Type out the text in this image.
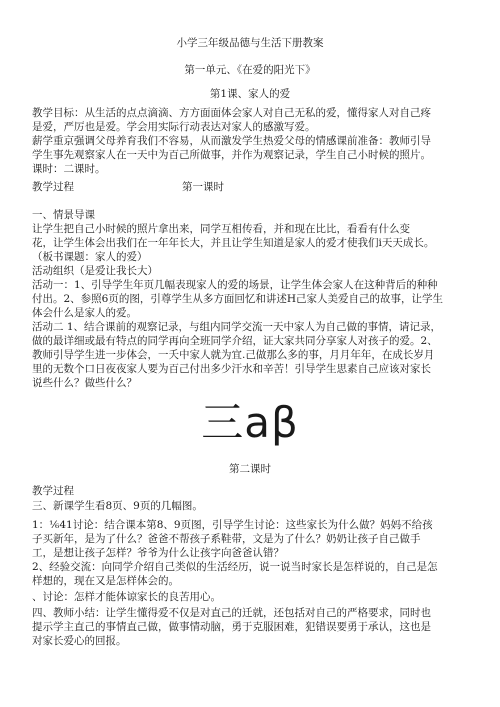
小学三年级品德与生活下册教案
第一单元、《在爱的阳光下》
第1课、家人的爱
教学目标：从生活的点点滴滴、方方面面体会家人对自己无私的爱，懂得家人对自己疼
是爱，严厉也是爱。学会用实际行动表达对家人的感激写爱。
薪学重京强调父母养育我们不容易，从而激发学生热爱父母的情感课前准备：教师引导
学生事先观察家人在一天中为百己所做事，并作为观察记录，学生自己小时候的照片。
课时：二课时。
教学过程	第一课时
一、情景导课
让学生把自己小时候的照片拿出来，同学互相传看，并和现在比比，看看有什么变
花，让学生体会出我们在一年年长大，并且让学生知道是家人的爱才使我们i天天成长。
（板书课题：家人的爱）
活动组织（是爱让我长大）
活动一：1、引导学生年页几幅表现家人的爱的场景，让学生体会家人在这种背后的种种
付出。2、参照6页的图，引尊学生从多方面回忆和讲述H己家人美爱自己的故事，让学生
体会什么是家人的爱。
活动二 1、结合课前的观察记录，与组内同学交流一天中家人为自己做的事情，请记录，
做的最详细或最有特点的同学再向全班同学介绍，证大家共同分享家人对孩子的爱。2、
教师引导学生进一步体会，一夭中家人就为宜.己做那么多的事，月月年年，在成长岁月
里的无数个口日夜夜家人要为百己付出多少汗水和辛苦！引导学生思素自己应该对家长
说些什么？做些什么？
三aβ
第二课时
教学过程
三、新课学生看8页、9页的几幅图。
1：⅙41讨论：结合课本第8、9页图，引导学生讨论：这些家长为什么做？妈妈不给孩
子买新年，是为了什么？爸爸不帮孩子系鞋带，文是为了什么？奶奶让孩子自己做手
工，是想让孩子怎样？爷爷为什么让孩字向爸爸认错？
2、经验交流：向同学介绍自己类似的生活经历，说一说当时家长是怎样说的，自己是怎
样想的，现在又是怎样体会的。
、讨论：怎样才能体谅家长的良苦用心。
四、教师小结：让学生懂得爱不仅是对直己的迁就，还包括对自己的严格要求，同时也
提示学主直己的事情直己做，做事情动脑，勇于克服困难，犯错误要勇于承认，这也是
对家长爱心的回报。
